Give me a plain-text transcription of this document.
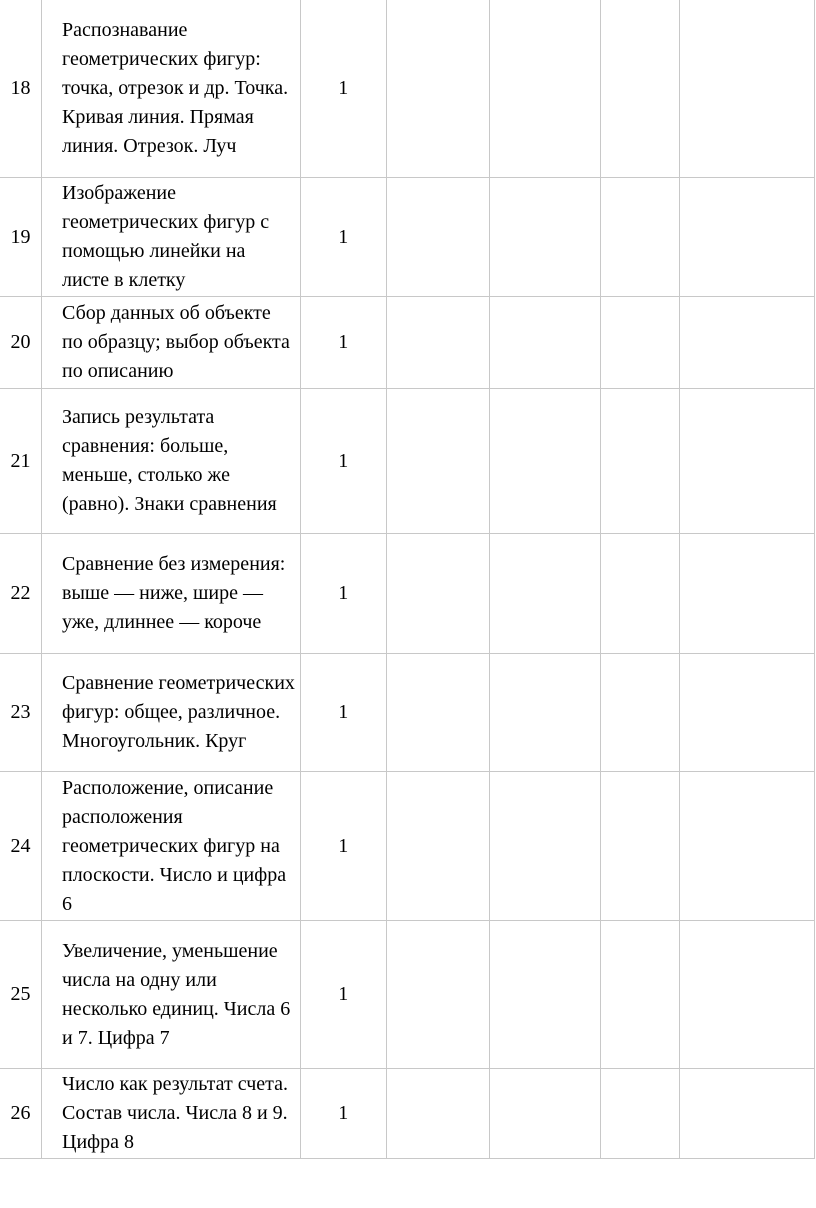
18	Распознавание геометрических фигур: точка, отрезок и др. Точка. Кривая линия. Прямая линия. Отрезок. Луч	1				
19	Изображение геометрических фигур с помощью линейки на листе в клетку	1				
20	Сбор данных об объекте по образцу; выбор объекта по описанию	1				
21	Запись результата сравнения: больше, меньше, столько же (равно). Знаки сравнения	1				
22	Сравнение без измерения: выше — ниже, шире — уже, длиннее — короче	1				
23	Сравнение геометрических фигур: общее, различное. Многоугольник. Круг	1				
24	Расположение, описание расположения геометрических фигур на плоскости. Число и цифра 6	1				
25	Увеличение, уменьшение числа на одну или несколько единиц. Числа 6 и 7. Цифра 7	1				
26	Число как результат счета. Состав числа. Числа 8 и 9. Цифра 8	1				
